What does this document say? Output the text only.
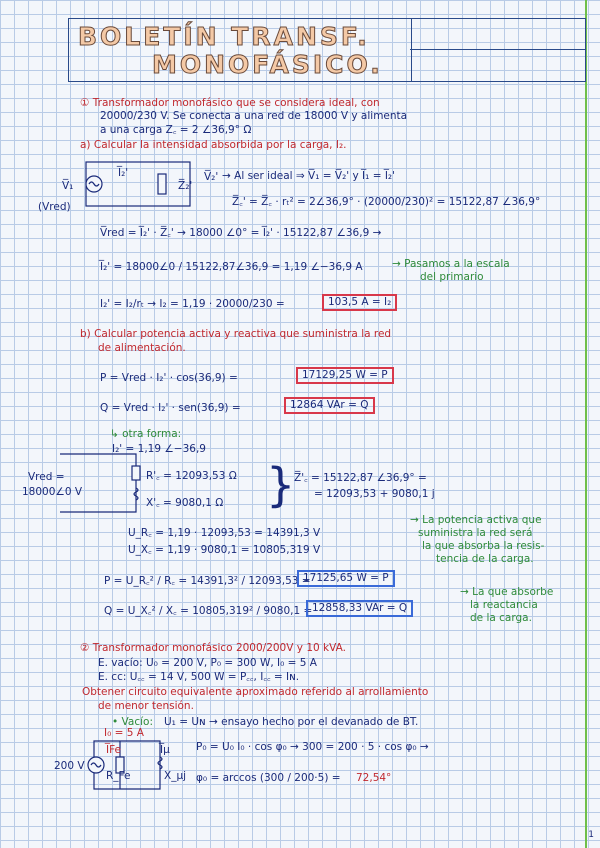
BOLETÍN TRANSF.
MONOFÁSICO.
① Transformador monofásico que se considera ideal, con
20000/230 V. Se conecta a una red de 18000 V y alimenta
a una carga Z꜀ = 2 ∠36,9° Ω
a) Calcular la intensidad absorbida por la carga, I₂.
V̅₁
(Vred)
I̅₂'
Z̅₂'
V̅₂' → Al ser ideal ⇒ V̅₁ = V̅₂' y I̅₁ = I̅₂'
Z̅꜀' = Z̅꜀ · rₜ² = 2∠36,9° · (20000/230)² = 15122,87 ∠36,9°
V̅red = I̅₂' · Z̅꜀' → 18000 ∠0° = I̅₂' · 15122,87 ∠36,9 →
I̅₂' = 18000∠0 / 15122,87∠36,9 = 1,19 ∠−36,9 A	→ Pasamos a la escala
del primario
I₂' = I₂/rₜ → I₂ = 1,19 · 20000/230 =	103,5 A = I₂
b) Calcular potencia activa y reactiva que suministra la red
de alimentación.
P = Vred · I₂' · cos(36,9) =	17129,25 W = P
Q = Vred · I₂' · sen(36,9) =	12864 VAr = Q
↳ otra forma:
I₂' = 1,19 ∠−36,9
Vred =
18000∠0 V
R'꜀ = 12093,53 Ω
X'꜀ = 9080,1 Ω }
Z̅'꜀ = 15122,87 ∠36,9° =
= 12093,53 + 9080,1 j
U_R꜀ = 1,19 · 12093,53 = 14391,3 V
U_X꜀ = 1,19 · 9080,1 = 10805,319 V
→ La potencia activa que
suministra la red será
la que absorba la resis-
tencia de la carga.
P = U_R꜀² / R꜀ = 14391,3² / 12093,53 =
17125,65 W = P
Q = U_X꜀² / X꜀ = 10805,319² / 9080,1 = 12858,33 VAr = Q
→ La que absorbe
la reactancia
de la carga.
② Transformador monofásico 2000/200V y 10 kVA.
E. vacío: U₀ = 200 V, P₀ = 300 W, I₀ = 5 A
E. cc: U꜀꜀ = 14 V, 500 W = P꜀꜀, I꜀꜀ = Iɴ.
Obtener circuito equivalente aproximado referido al arrollamiento
de menor tensión.
• Vacío: U₁ = Uɴ → ensayo hecho por el devanado de BT.
I₀ = 5 A
200 V
I̅Fe	I̅μ
R_Fe	X_μj
P₀ = U₀ I₀ · cos φ₀ → 300 = 200 · 5 · cos φ₀ →
φ₀ = arccos (300 / 200·5) = 72,54°
1
